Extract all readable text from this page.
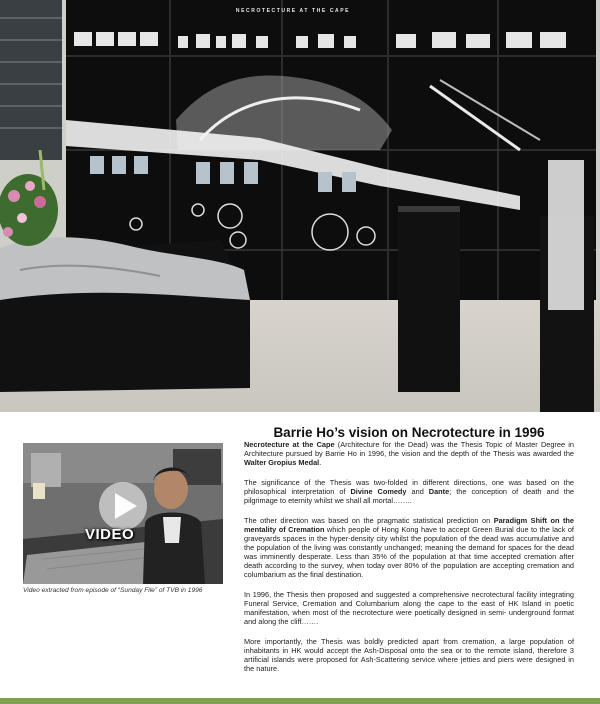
NECROTECTURE AT THE CAPE
Barrie Ho’s vision on Necrotecture in 1996
VIDEO
Video extracted from episode of “Sunday File” of TVB in 1996

Necrotecture at the Cape (Architecture for the Dead) was the Thesis Topic of Master Degree in Architecture pursued by Barrie Ho in 1996, the vision and the depth of the Thesis was awarded the Walter Gropius Medal.

The significance of the Thesis was two-folded in different directions, one was based on the philosophical interpretation of Divine Comedy and Dante; the conception of death and the pilgrimage to eternity whilst we shall all mortal……..

The other direction was based on the pragmatic statistical prediction on Paradigm Shift on the mentality of Cremation which people of Hong Kong have to accept Green Burial due to the lack of graveyards spaces in the hyper-density city whilst the population of the dead was accumulative and the population of the living was constantly unchanged; meaning the demand for spaces for the dead was imminently desperate. Less than 35% of the population at that time accepted cremation after death according to the survey, when today over 80% of the population are accepting cremation and columbarium as the final destination.

In 1996, the Thesis then proposed and suggested a comprehensive necrotectural facility integrating Funeral Service, Cremation and Columbarium along the cape to the east of HK Island in poetic manifestation, when most of the necrotecture were poetically designed in semi- underground format and along the cliff…….

More importantly, the Thesis was boldly predicted apart from cremation, a large population of inhabitants in HK would accept the Ash-Disposal onto the sea or to the remote island, therefore 3 artificial islands were proposed for Ash-Scattering service where jetties and piers were designed in the nature.
